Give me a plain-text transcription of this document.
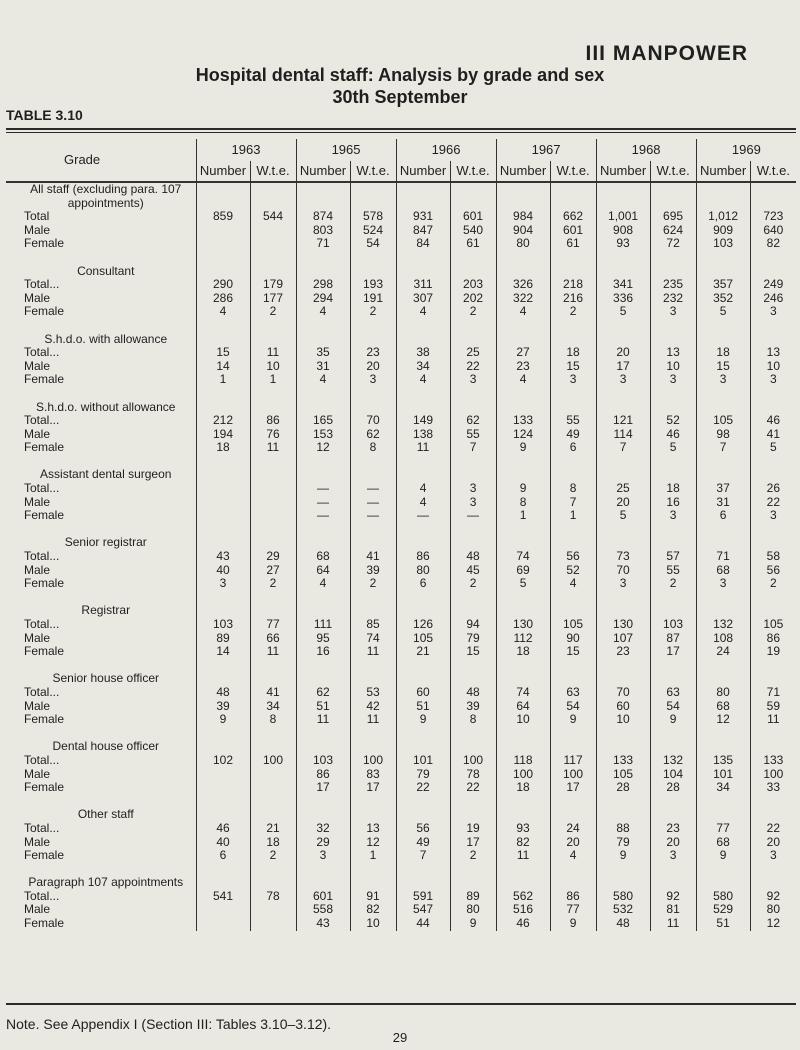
III MANPOWER
Hospital dental staff: Analysis by grade and sex
30th September
TABLE 3.10
Grade	1963		1965		1966		1967		1968		1969	
	Number	W.t.e.	Number	W.t.e.	Number	W.t.e.	Number	W.t.e.	Number	W.t.e.	Number	W.t.e.
All staff (excluding para. 107												
appointments)												
Total	859	544	874	578	931	601	984	662	1,001	695	1,012	723
Male			803	524	847	540	904	601	908	624	909	640
Female			71	54	84	61	80	61	93	72	103	82

Consultant												
Total...	290	179	298	193	311	203	326	218	341	235	357	249
Male	286	177	294	191	307	202	322	216	336	232	352	246
Female	4	2	4	2	4	2	4	2	5	3	5	3

S.h.d.o. with allowance												
Total...	15	11	35	23	38	25	27	18	20	13	18	13
Male	14	10	31	20	34	22	23	15	17	10	15	10
Female	1	1	4	3	4	3	4	3	3	3	3	3

S.h.d.o. without allowance												
Total...	212	86	165	70	149	62	133	55	121	52	105	46
Male	194	76	153	62	138	55	124	49	114	46	98	41
Female	18	11	12	8	11	7	9	6	7	5	7	5

Assistant dental surgeon												
Total...			—	—	4	3	9	8	25	18	37	26
Male			—	—	4	3	8	7	20	16	31	22
Female			—	—	—	—	1	1	5	3	6	3

Senior registrar												
Total...	43	29	68	41	86	48	74	56	73	57	71	58
Male	40	27	64	39	80	45	69	52	70	55	68	56
Female	3	2	4	2	6	2	5	4	3	2	3	2

Registrar												
Total...	103	77	111	85	126	94	130	105	130	103	132	105
Male	89	66	95	74	105	79	112	90	107	87	108	86
Female	14	11	16	11	21	15	18	15	23	17	24	19

Senior house officer												
Total...	48	41	62	53	60	48	74	63	70	63	80	71
Male	39	34	51	42	51	39	64	54	60	54	68	59
Female	9	8	11	11	9	8	10	9	10	9	12	11

Dental house officer												
Total...	102	100	103	100	101	100	118	117	133	132	135	133
Male			86	83	79	78	100	100	105	104	101	100
Female			17	17	22	22	18	17	28	28	34	33

Other staff												
Total...	46	21	32	13	56	19	93	24	88	23	77	22
Male	40	18	29	12	49	17	82	20	79	20	68	20
Female	6	2	3	1	7	2	11	4	9	3	9	3

Paragraph 107 appointments												
Total...	541	78	601	91	591	89	562	86	580	92	580	92
Male			558	82	547	80	516	77	532	81	529	80
Female			43	10	44	9	46	9	48	11	51	12
Note. See Appendix I (Section III: Tables 3.10–3.12).
29
